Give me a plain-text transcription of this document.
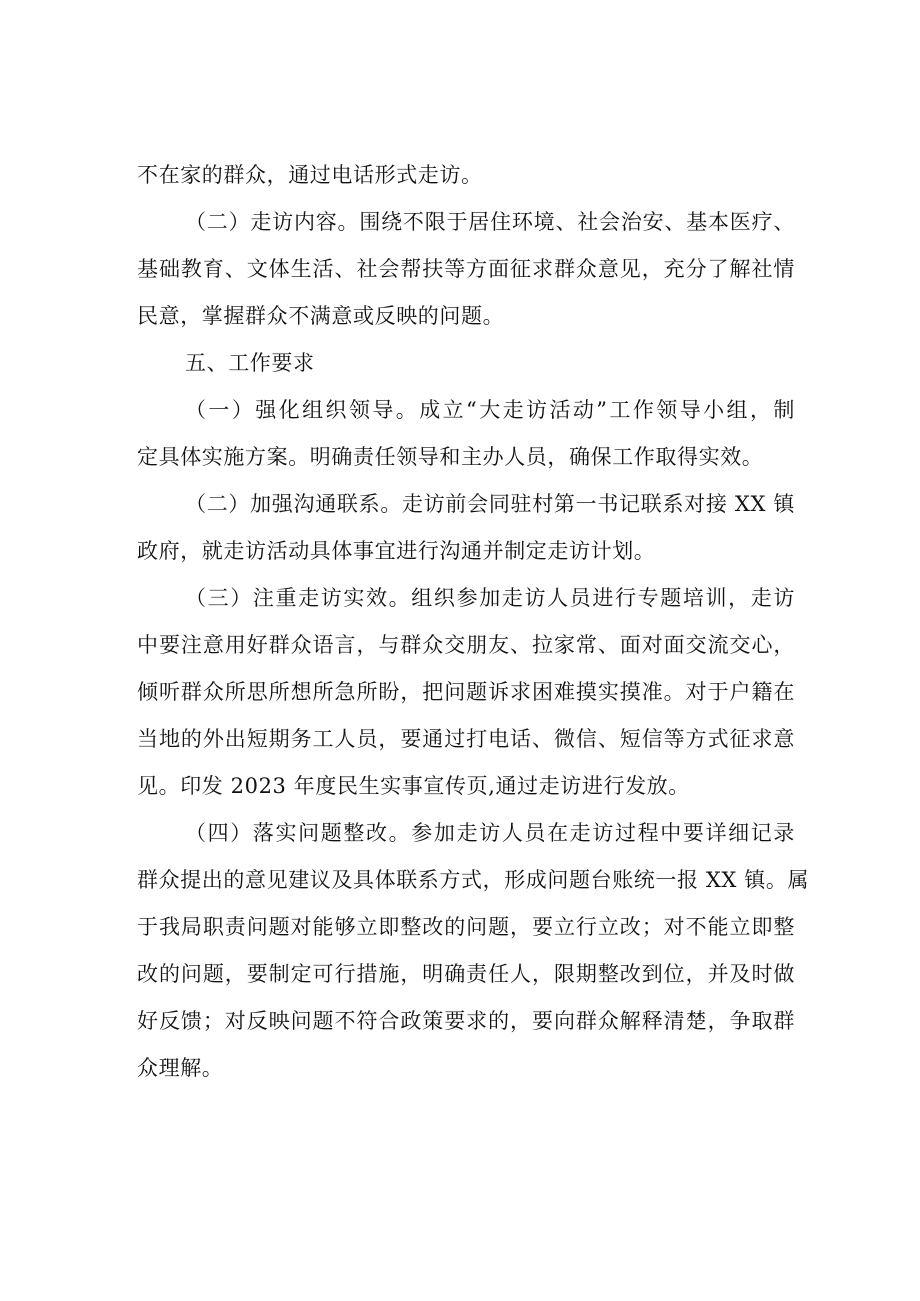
不在家的群众，通过电话形式走访。
（二）走访内容。围绕不限于居住环境、社会治安、基本医疗、
基础教育、文体生活、社会帮扶等方面征求群众意见，充分了解社情
民意，掌握群众不满意或反映的问题。
五、工作要求
（一）强化组织领导。成立“大走访活动”工作领导小组，制
定具体实施方案。明确责任领导和主办人员，确保工作取得实效。
（二）加强沟通联系。走访前会同驻村第一书记联系对接 XX 镇
政府，就走访活动具体事宜进行沟通并制定走访计划。
（三）注重走访实效。组织参加走访人员进行专题培训，走访
中要注意用好群众语言，与群众交朋友、拉家常、面对面交流交心，
倾听群众所思所想所急所盼，把问题诉求困难摸实摸准。对于户籍在
当地的外出短期务工人员，要通过打电话、微信、短信等方式征求意
见。印发 2023 年度民生实事宣传页,通过走访进行发放。
（四）落实问题整改。参加走访人员在走访过程中要详细记录
群众提出的意见建议及具体联系方式，形成问题台账统一报 XX 镇。属
于我局职责问题对能够立即整改的问题，要立行立改；对不能立即整
改的问题，要制定可行措施，明确责任人，限期整改到位，并及时做
好反馈；对反映问题不符合政策要求的，要向群众解释清楚，争取群
众理解。
